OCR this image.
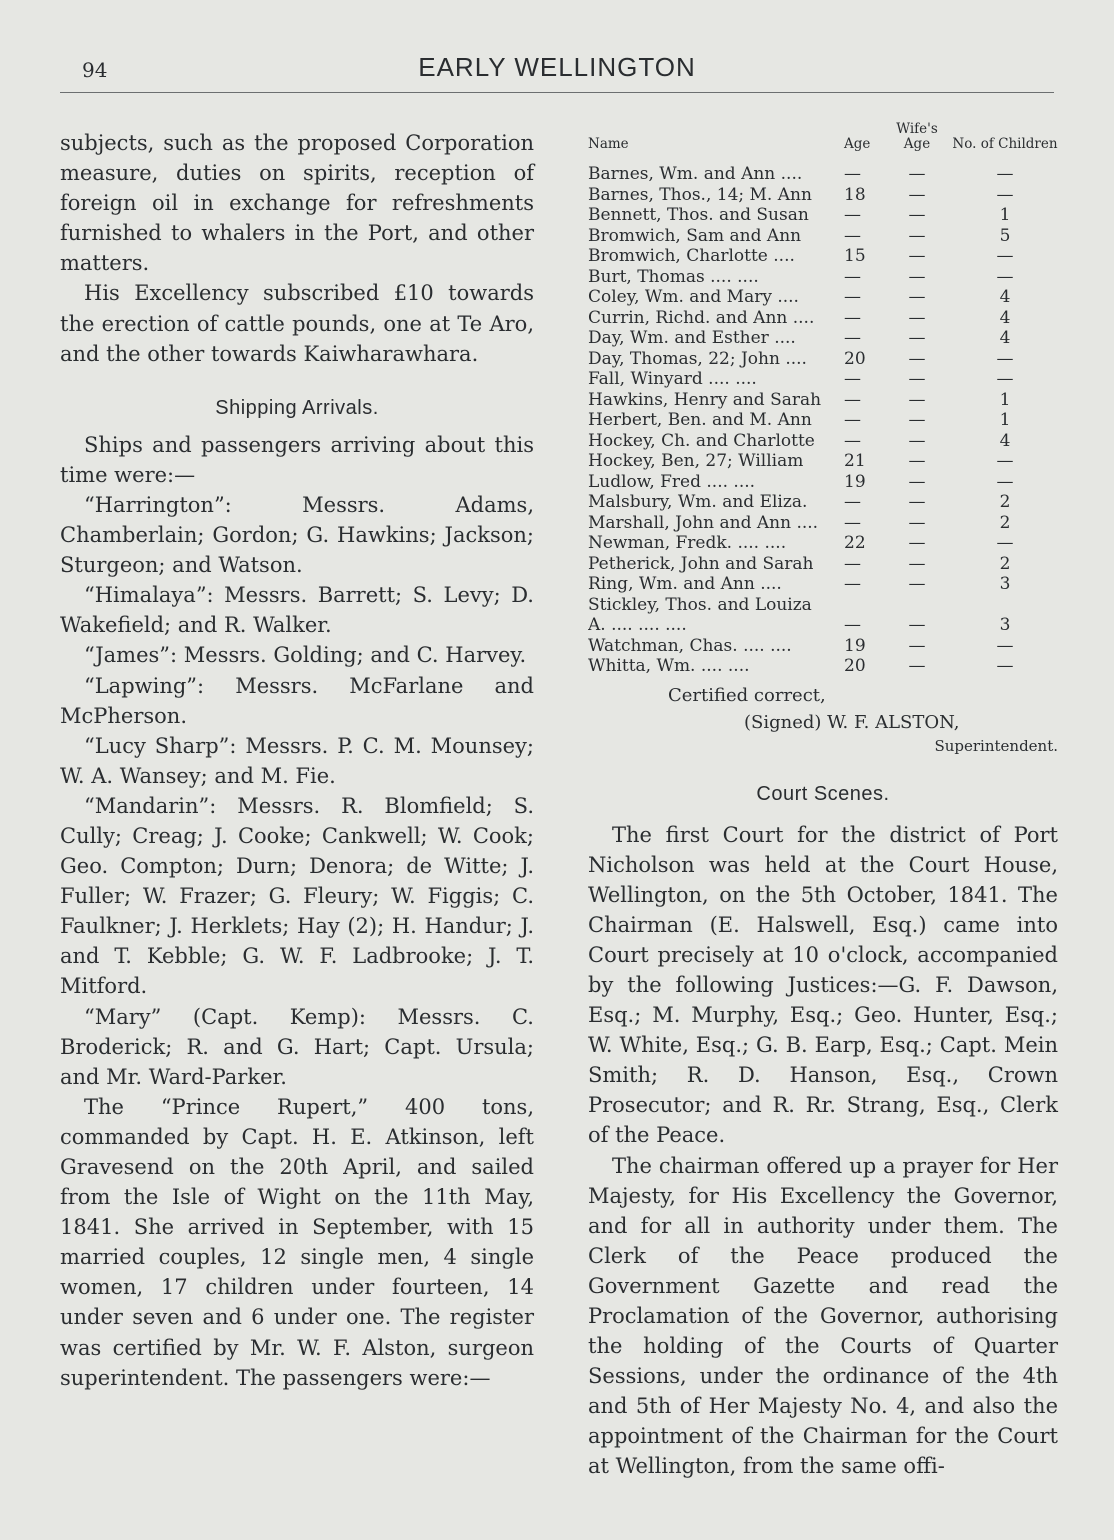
94	EARLY WELLINGTON

subjects, such as the proposed Corporation measure, duties on spirits, reception of foreign oil in exchange for refreshments furnished to whalers in the Port, and other matters.

His Excellency subscribed £10 towards the erection of cattle pounds, one at Te Aro, and the other towards Kaiwharawhara.

Shipping Arrivals.

Ships and passengers arriving about this time were:—

“Harrington”: Messrs. Adams, Chamberlain; Gordon; G. Hawkins; Jackson; Sturgeon; and Watson.

“Himalaya”: Messrs. Barrett; S. Levy; D. Wakefield; and R. Walker.

“James”: Messrs. Golding; and C. Harvey.

“Lapwing”: Messrs. McFarlane and McPherson.

“Lucy Sharp”: Messrs. P. C. M. Mounsey; W. A. Wansey; and M. Fie.

“Mandarin”: Messrs. R. Blomfield; S. Cully; Creag; J. Cooke; Cankwell; W. Cook; Geo. Compton; Durn; Denora; de Witte; J. Fuller; W. Frazer; G. Fleury; W. Figgis; C. Faulkner; J. Herklets; Hay (2); H. Handur; J. and T. Kebble; G. W. F. Ladbrooke; J. T. Mitford.

“Mary” (Capt. Kemp): Messrs. C. Broderick; R. and G. Hart; Capt. Ursula; and Mr. Ward-Parker.

The “Prince Rupert,” 400 tons, commanded by Capt. H. E. Atkinson, left Gravesend on the 20th April, and sailed from the Isle of Wight on the 11th May, 1841. She arrived in September, with 15 married couples, 12 single men, 4 single women, 17 children under fourteen, 14 under seven and 6 under one. The register was certified by Mr. W. F. Alston, surgeon superintendent. The passengers were:—

Name	Age	Wife's Age	No. of Children
Barnes, Wm. and Ann ....	—	—	—
Barnes, Thos., 14; M. Ann	18	—	—
Bennett, Thos. and Susan	—	—	1
Bromwich, Sam and Ann	—	—	5
Bromwich, Charlotte ....	15	—	—
Burt, Thomas .... ....	—	—	—
Coley, Wm. and Mary ....	—	—	4
Currin, Richd. and Ann ....	—	—	4
Day, Wm. and Esther ....	—	—	4
Day, Thomas, 22; John ....	20	—	—
Fall, Winyard .... ....	—	—	—
Hawkins, Henry and Sarah	—	—	1
Herbert, Ben. and M. Ann	—	—	1
Hockey, Ch. and Charlotte	—	—	4
Hockey, Ben, 27; William	21	—	—
Ludlow, Fred .... ....	19	—	—
Malsbury, Wm. and Eliza.	—	—	2
Marshall, John and Ann ....	—	—	2
Newman, Fredk. .... ....	22	—	—
Petherick, John and Sarah	—	—	2
Ring, Wm. and Ann ....	—	—	3
Stickley, Thos. and Louiza			
A. .... .... ....	—	—	3
Watchman, Chas. .... ....	19	—	—
Whitta, Wm. .... ....	20	—	—
Certified correct,
(Signed) W. F. ALSTON,
Superintendent.
Court Scenes.

The first Court for the district of Port Nicholson was held at the Court House, Wellington, on the 5th October, 1841. The Chairman (E. Halswell, Esq.) came into Court precisely at 10 o'clock, accompanied by the following Justices:—G. F. Dawson, Esq.; M. Murphy, Esq.; Geo. Hunter, Esq.; W. White, Esq.; G. B. Earp, Esq.; Capt. Mein Smith; R. D. Hanson, Esq., Crown Prosecutor; and R. Rr. Strang, Esq., Clerk of the Peace.

The chairman offered up a prayer for Her Majesty, for His Excellency the Governor, and for all in authority under them. The Clerk of the Peace produced the Government Gazette and read the Proclamation of the Governor, authorising the holding of the Courts of Quarter Sessions, under the ordinance of the 4th and 5th of Her Majesty No. 4, and also the appointment of the Chairman for the Court at Wellington, from the same offi-
